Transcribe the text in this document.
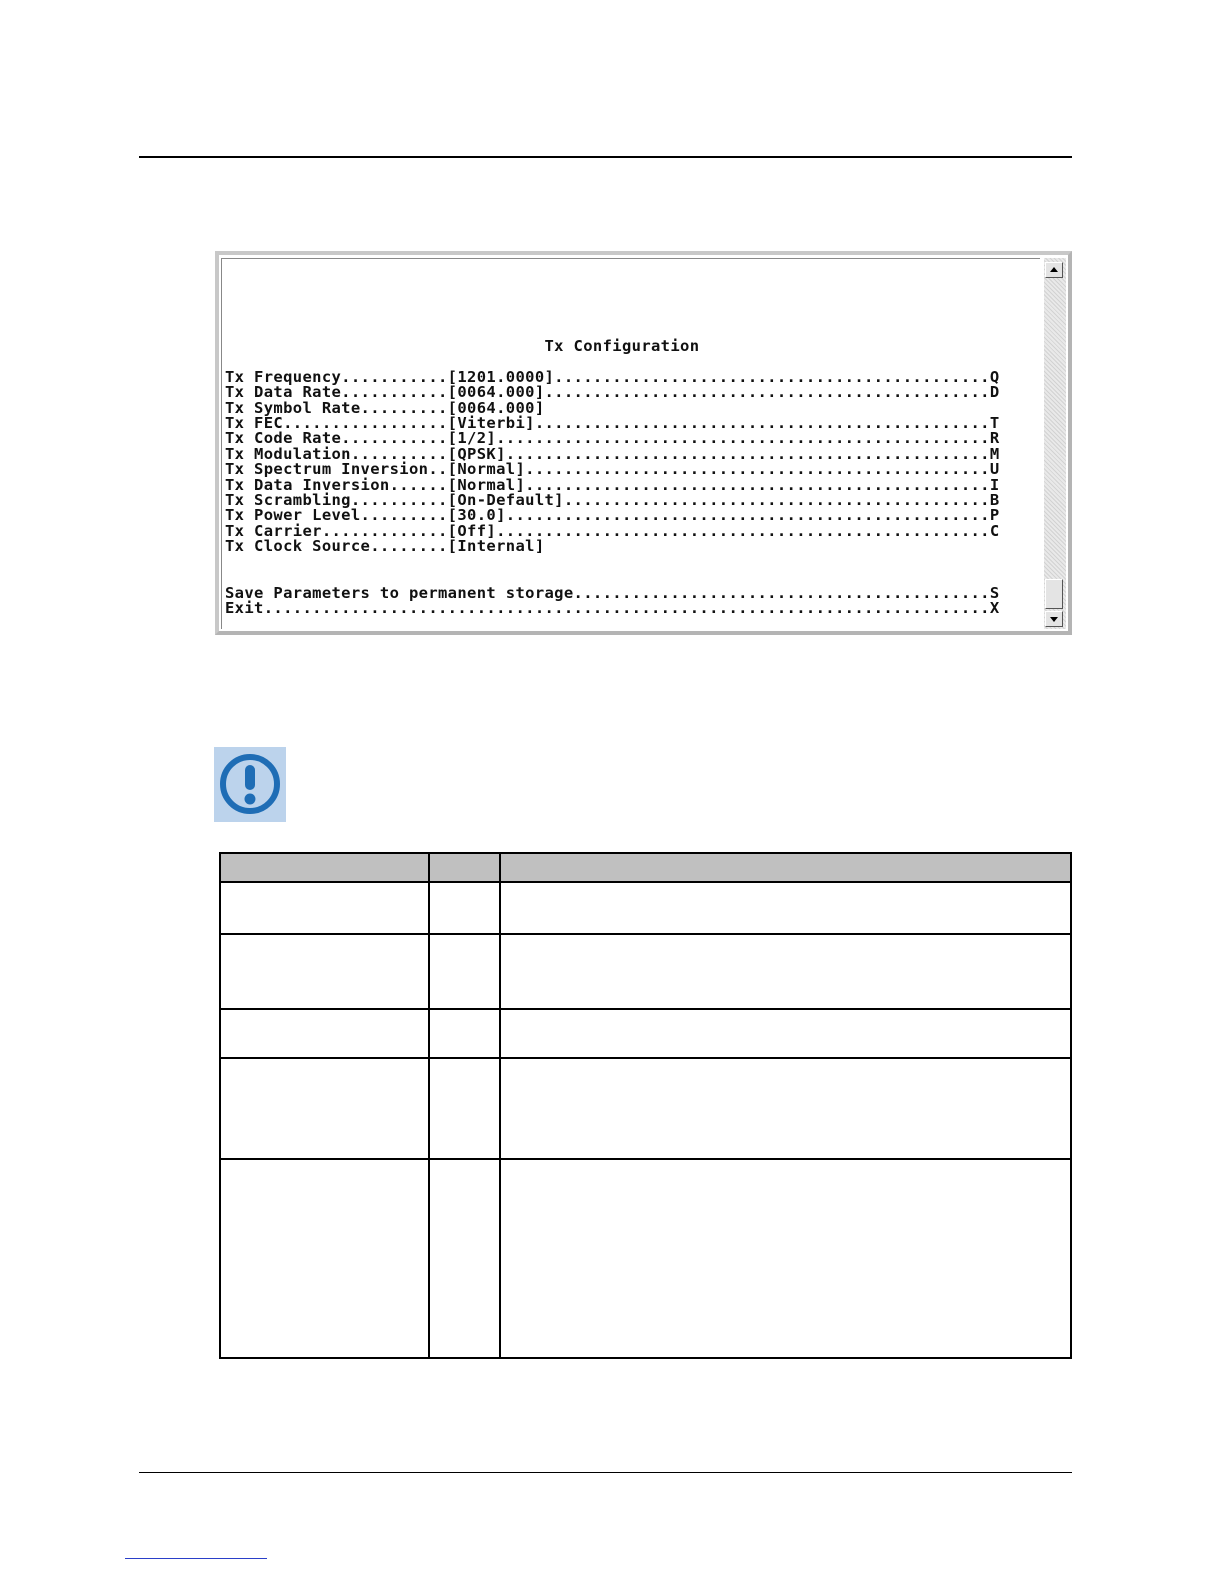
Tx Configuration

Tx Frequency...........[1201.0000].............................................Q
Tx Data Rate...........[0064.000]..............................................D
Tx Symbol Rate.........[0064.000]
Tx FEC.................[Viterbi]...............................................T
Tx Code Rate...........[1/2]...................................................R
Tx Modulation..........[QPSK]..................................................M
Tx Spectrum Inversion..[Normal]................................................U
Tx Data Inversion......[Normal]................................................I
Tx Scrambling..........[On-Default]............................................B
Tx Power Level.........[30.0]..................................................P
Tx Carrier.............[Off]...................................................C
Tx Clock Source........[Internal]

Save Parameters to permanent storage...........................................S
Exit...........................................................................X
